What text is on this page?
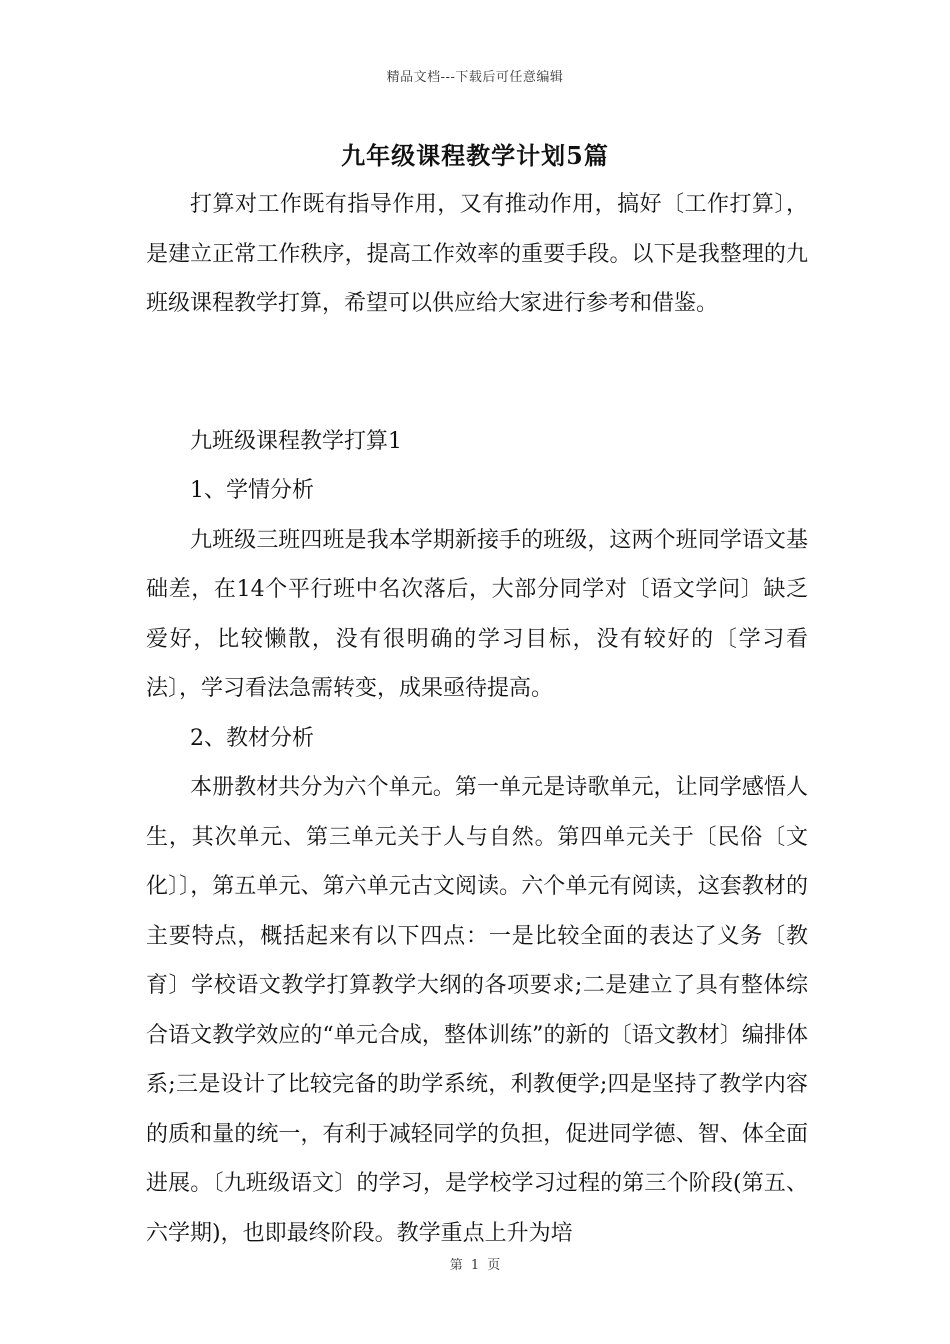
精品文档---下载后可任意编辑
九年级课程教学计划5篇

打算对工作既有指导作用，又有推动作用，搞好〔工作打算〕，是建立正常工作秩序，提高工作效率的重要手段。以下是我整理的九班级课程教学打算，希望可以供应给大家进行参考和借鉴。

九班级课程教学打算1

1、学情分析

九班级三班四班是我本学期新接手的班级，这两个班同学语文基础差，在14个平行班中名次落后，大部分同学对〔语文学问〕缺乏爱好，比较懒散，没有很明确的学习目标，没有较好的〔学习看法〕，学习看法急需转变，成果亟待提高。

2、教材分析

本册教材共分为六个单元。第一单元是诗歌单元，让同学感悟人生，其次单元、第三单元关于人与自然。第四单元关于〔民俗〔文化〕〕，第五单元、第六单元古文阅读。六个单元有阅读，这套教材的主要特点，概括起来有以下四点：一是比较全面的表达了义务〔教育〕学校语文教学打算教学大纲的各项要求;二是建立了具有整体综合语文教学效应的“单元合成，整体训练”的新的〔语文教材〕编排体系;三是设计了比较完备的助学系统，利教便学;四是坚持了教学内容的质和量的统一，有利于减轻同学的负担，促进同学德、智、体全面进展。〔九班级语文〕的学习，是学校学习过程的第三个阶段(第五、六学期)，也即最终阶段。教学重点上升为培

第 1 页
